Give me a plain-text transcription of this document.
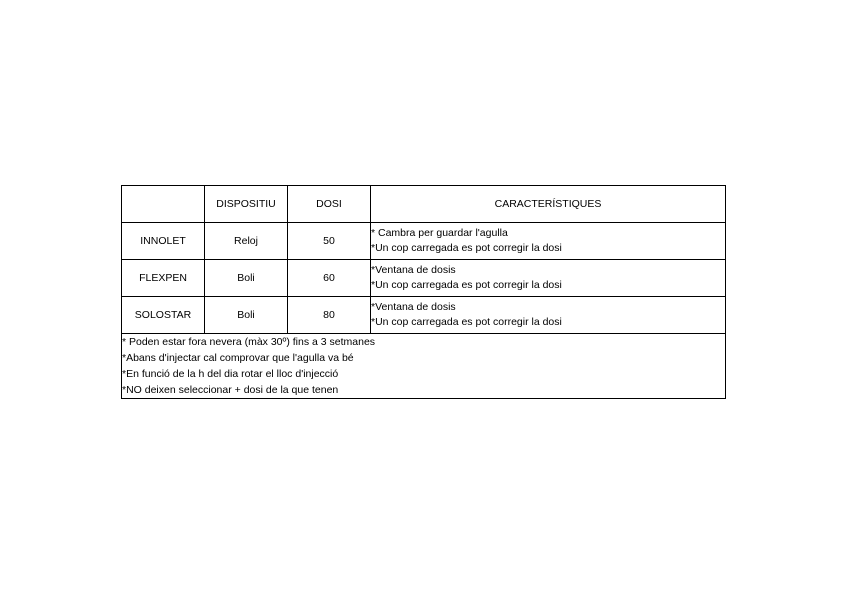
	DISPOSITIU	DOSI	CARACTERÍSTIQUES
INNOLET	Reloj	50	* Cambra per guardar l'agulla
*Un cop carregada es pot corregir la dosi

FLEXPEN	Boli	60	*Ventana de dosis
*Un cop carregada es pot corregir la dosi

SOLOSTAR	Boli	80	*Ventana de dosis
*Un cop carregada es pot corregir la dosi

* Poden estar fora nevera (màx 30º) fins a 3 setmanes
*Abans d'injectar cal comprovar que l'agulla va bé
*En funció de la h del dia rotar el lloc d'injecció
*NO deixen seleccionar + dosi de la que tenen			
